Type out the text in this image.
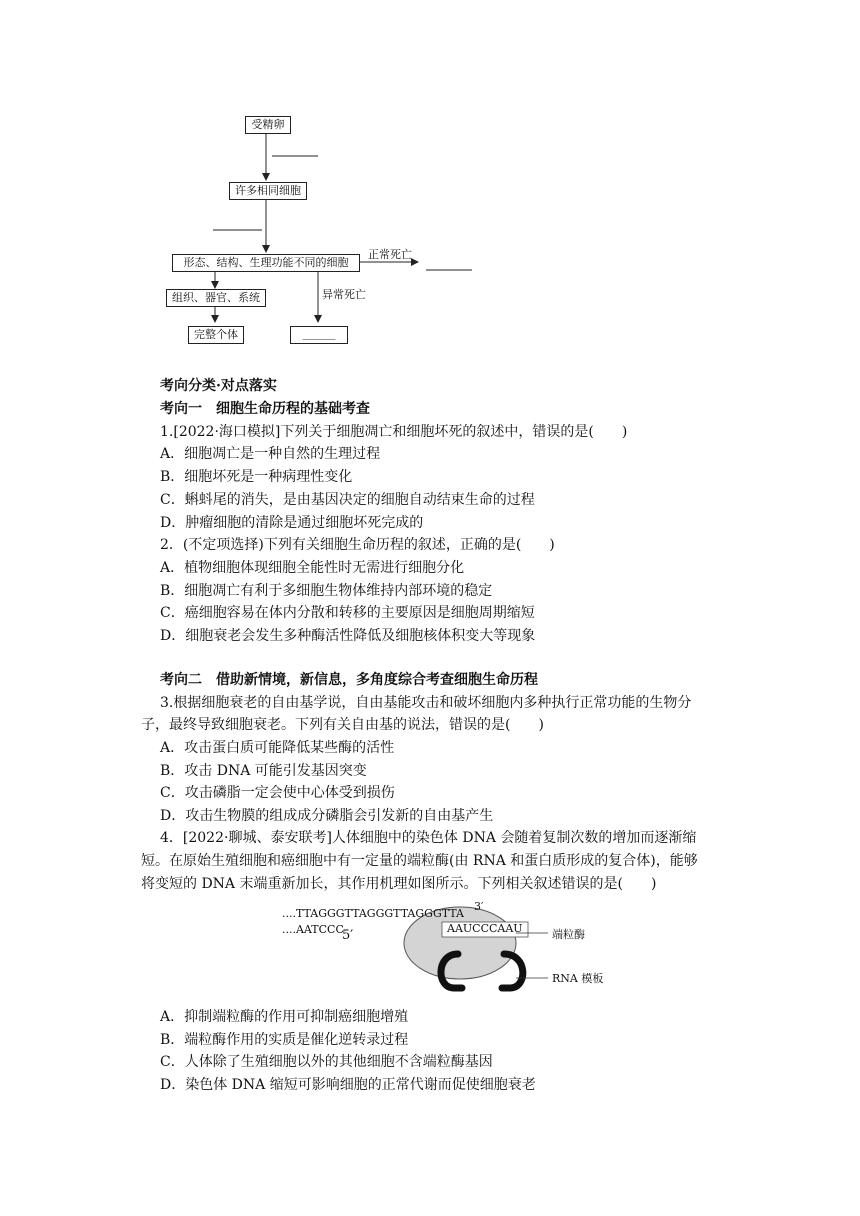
受精卵
许多相同细胞
形态、结构、生理功能不同的细胞
组织、器官、系统
完整个体	______
正常死亡
异常死亡
考向分类·对点落实
考向一　细胞生命历程的基础考查
1.[2022·海口模拟]下列关于细胞凋亡和细胞坏死的叙述中，错误的是(　　)
A．细胞凋亡是一种自然的生理过程
B．细胞坏死是一种病理性变化
C．蝌蚪尾的消失，是由基因决定的细胞自动结束生命的过程
D．肿瘤细胞的清除是通过细胞坏死完成的
2．(不定项选择)下列有关细胞生命历程的叙述，正确的是(　　)
A．植物细胞体现细胞全能性时无需进行细胞分化
B．细胞凋亡有利于多细胞生物体维持内部环境的稳定
C．癌细胞容易在体内分散和转移的主要原因是细胞周期缩短
D．细胞衰老会发生多种酶活性降低及细胞核体积变大等现象
考向二　借助新情境，新信息，多角度综合考查细胞生命历程
3.根据细胞衰老的自由基学说，自由基能攻击和破坏细胞内多种执行正常功能的生物分
子，最终导致细胞衰老。下列有关自由基的说法，错误的是(　　)
A．攻击蛋白质可能降低某些酶的活性
B．攻击 DNA 可能引发基因突变
C．攻击磷脂一定会使中心体受到损伤
D．攻击生物膜的组成成分磷脂会引发新的自由基产生
4．[2022·聊城、泰安联考]人体细胞中的染色体 DNA 会随着复制次数的增加而逐渐缩
短。在原始生殖细胞和癌细胞中有一定量的端粒酶(由 RNA 和蛋白质形成的复合体)，能够
将变短的 DNA 末端重新加长，其作用机理如图所示。下列相关叙述错误的是(　　)
....TTAGGGTTAGGGTTAGGGTTA
3′
....AATCCC
5′	AAUCCCAAU	端粒酶
RNA 模板
A．抑制端粒酶的作用可抑制癌细胞增殖
B．端粒酶作用的实质是催化逆转录过程
C．人体除了生殖细胞以外的其他细胞不含端粒酶基因
D．染色体 DNA 缩短可影响细胞的正常代谢而促使细胞衰老
